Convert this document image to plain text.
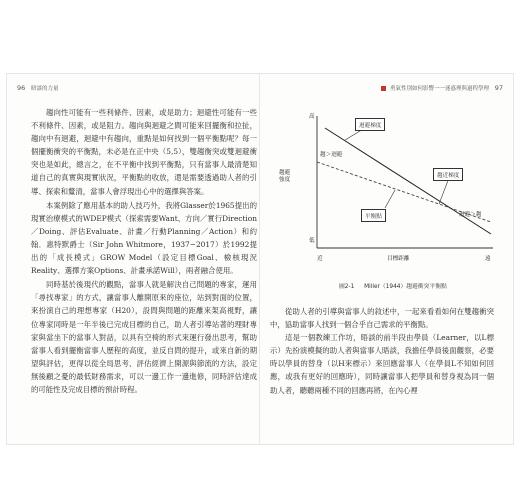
96 晤談的力量

趨向性可能有一些利條件、因素，或是助力；迴避性可能有一些不利條件、因素，或是阻力。趨向與迴避之間可能來回擺衡和拉扯，趨向中有迴避，迴避中有趨向，重點是如何找到一個平衡點呢？每一個擺衡衝突的平衡點，未必是在正中央（5,5），雙趨衡突或雙迴避衝突也是如此，總言之，在不平衡中找到平衡點，只有當事人最清楚知道自己的真實與現實狀況，平衡點的收放，還是需要透過助人者的引導、探索和釐清，當事人會浮現出心中的選擇與答案。

本案例除了應用基本的助人技巧外，我將Glasser於1965提出的現實治療模式的WDEP模式（探索需要Want、方向／實行Direction／Doing、評估Evaluate、計畫／行動Planning／Action）和約翰．惠特默爵士（Sir John Whitmore，1937−2017）於1992提出的「成長模式」GROW Model（設定目標Goal、檢核現況Reality、選擇方案Options、計畫承諾Will），兩者融合使用。

同時基於後現代的觀點，當事人就是解決自己問題的專家，運用「尋找專家」的方式，讓當事人離開原來的座位，站到對面的位置，來扮演自己的理想專家（H20），設問與問題的距離來架高視野，讓位專家同時是一年半後已完成目標的自己，助人者引導站著的理財專家與當坐下的當事人對話，以具有空椅的形式來運行發出思考，幫助當事人看到擺衡當事人歷程的高度，並反自問的提升，或來自新的期望與評估，更得以從全局思考、評估經濟上開源與節流的方法，設定無後顧之憂的最低財務需求，可以一邊工作一邊進修，同時評估達成的可能性及完成目標的預計時程。

勇氣性別如何影響一一迷惑理與過程學理 97
高
趨避強度
低
近	目標距離	遠
趨＞迴避
迴避＞趨
迴避梯度
趨近梯度
平衡點
圖2-1 Miller（1944）趨避衝突平衡點

從助人者的引導與當事人的敘述中，一起來看看如何在雙趨衝突中，協助當事人找到一個合乎自己需求的平衡點。

這是一個教練工作坊，晤談的前半段由學員（Learner，以L標示）先扮演模擬的助人者與當事人晤談，我擔任學員後面觀察，必要時以學員的替身（以H來標示）來回應當事人（在學員L不知如何回應，或我有更好的回應時），同時讓當事人把學員和替身視為同一個助人者，聽聽兩種不同的回應再將，在內心裡
